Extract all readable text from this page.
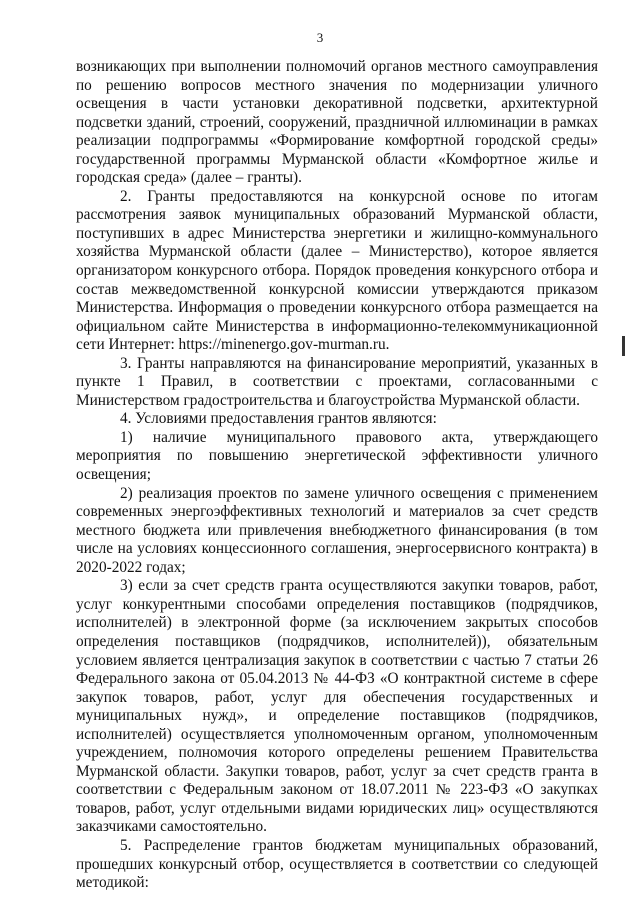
3

возникающих при выполнении полномочий органов местного самоуправления по решению вопросов местного значения по модернизации уличного освещения в части установки декоративной подсветки, архитектурной подсветки зданий, строений, сооружений, праздничной иллюминации в рамках реализации подпрограммы «Формирование комфортной городской среды» государственной программы Мурманской области «Комфортное жилье и городская среда» (далее – гранты).

2. Гранты предоставляются на конкурсной основе по итогам рассмотрения заявок муниципальных образований Мурманской области, поступивших в адрес Министерства энергетики и жилищно-коммунального хозяйства Мурманской области (далее – Министерство), которое является организатором конкурсного отбора. Порядок проведения конкурсного отбора и состав межведомственной конкурсной комиссии утверждаются приказом Министерства. Информация о проведении конкурсного отбора размещается на официальном сайте Министерства в информационно-телекоммуникационной сети Интернет: https://minenergo.gov-murman.ru.

3. Гранты направляются на финансирование мероприятий, указанных в пункте 1 Правил, в соответствии с проектами, согласованными с Министерством градостроительства и благоустройства Мурманской области.

4. Условиями предоставления грантов являются:

1) наличие муниципального правового акта, утверждающего мероприятия по повышению энергетической эффективности уличного освещения;

2) реализация проектов по замене уличного освещения с применением современных энергоэффективных технологий и материалов за счет средств местного бюджета или привлечения внебюджетного финансирования (в том числе на условиях концессионного соглашения, энергосервисного контракта) в 2020-2022 годах;

3) если за счет средств гранта осуществляются закупки товаров, работ, услуг конкурентными способами определения поставщиков (подрядчиков, исполнителей) в электронной форме (за исключением закрытых способов определения поставщиков (подрядчиков, исполнителей)), обязательным условием является централизация закупок в соответствии с частью 7 статьи 26 Федерального закона от 05.04.2013 № 44-ФЗ «О контрактной системе в сфере закупок товаров, работ, услуг для обеспечения государственных и муниципальных нужд», и определение поставщиков (подрядчиков, исполнителей) осуществляется уполномоченным органом, уполномоченным учреждением, полномочия которого определены решением Правительства Мурманской области. Закупки товаров, работ, услуг за счет средств гранта в соответствии с Федеральным законом от 18.07.2011 № 223-ФЗ «О закупках товаров, работ, услуг отдельными видами юридических лиц» осуществляются заказчиками самостоятельно.

5. Распределение грантов бюджетам муниципальных образований, прошедших конкурсный отбор, осуществляется в соответствии со следующей методикой:
